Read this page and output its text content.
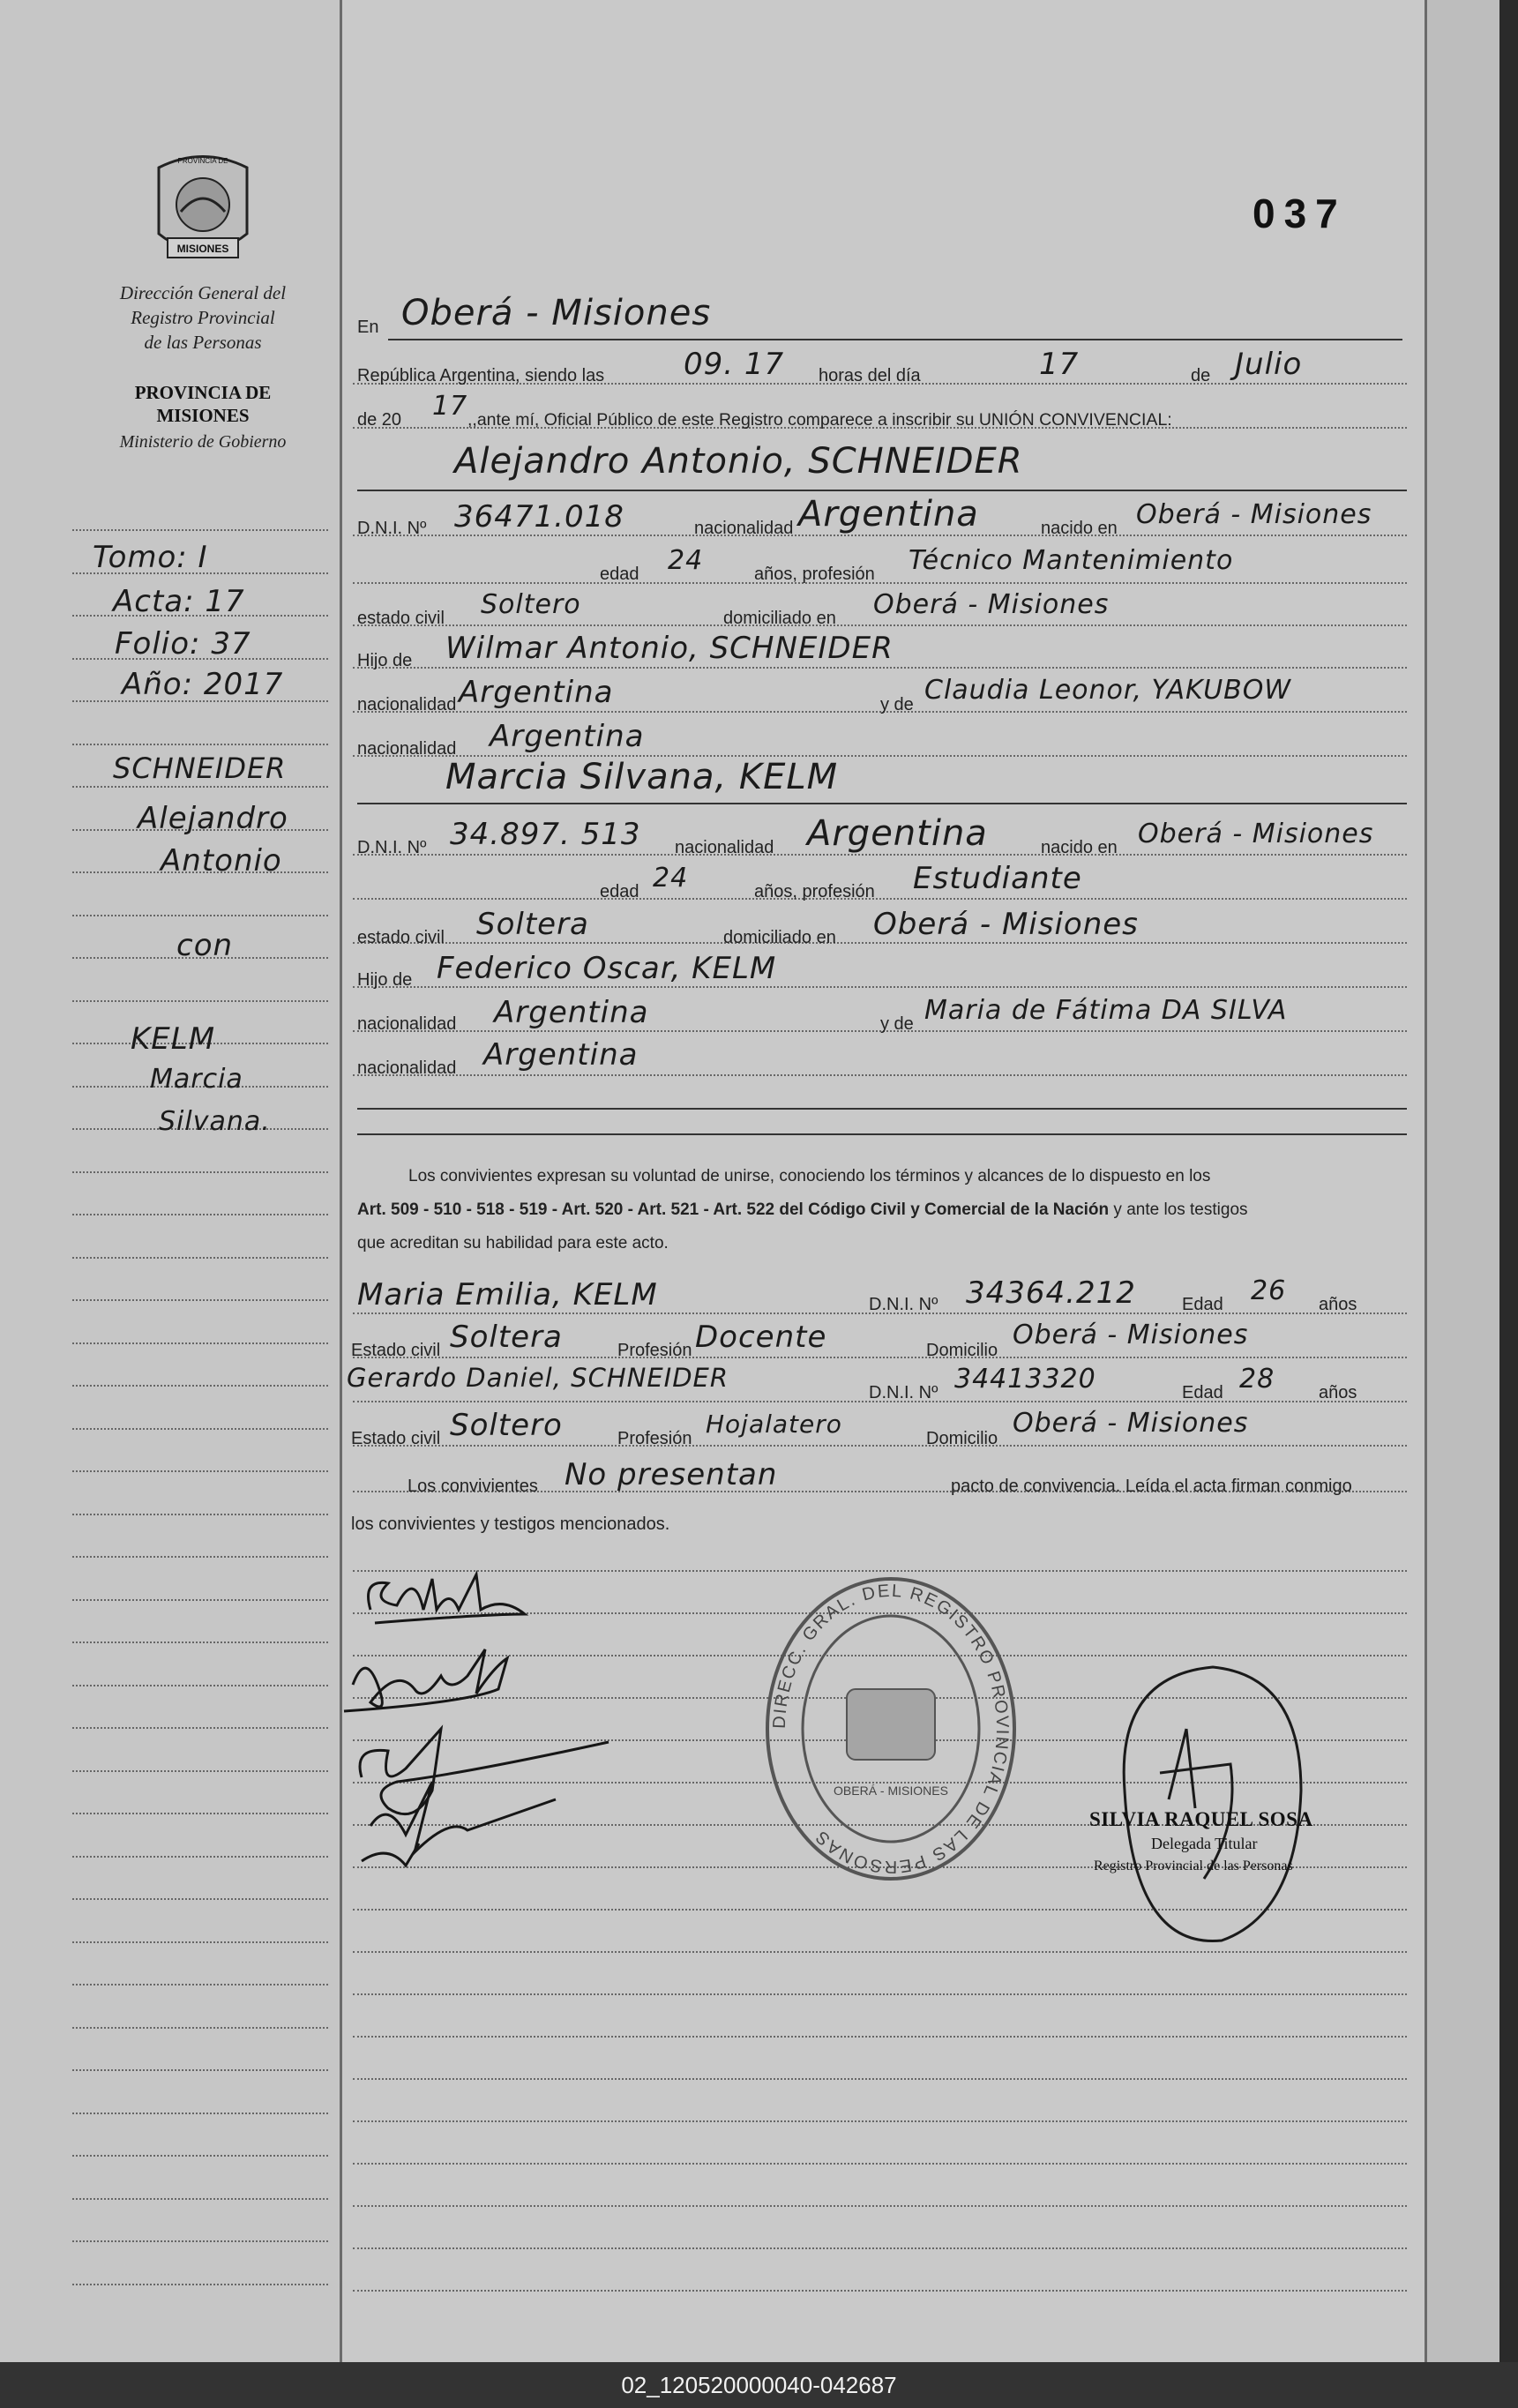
MISIONES
PROVINCIA DE
Dirección General del
Registro Provincial
de las Personas
PROVINCIA DE
MISIONES
Ministerio de Gobierno
Tomo: I
Acta: 17
Folio: 37
Año: 2017
SCHNEIDER
Alejandro
Antonio
con
KELM
Marcia
Silvana.
037
En Oberá - Misiones
República Argentina, siendo las	09. 17 horas del día	17	de Julio
de 20 17 ,,ante mí, Oficial Público de este Registro comparece a inscribir su UNIÓN CONVIVENCIAL:
Alejandro Antonio, SCHNEIDER
D.N.I. Nº 36471.018	nacionalidad Argentina	nacido en Oberá - Misiones
edad 24	años, profesión Técnico Mantenimiento
estado civil Soltero	domiciliado en Oberá - Misiones
Hijo de Wilmar Antonio, SCHNEIDER
nacionalidad Argentina	y de Claudia Leonor, YAKUBOW
nacionalidad Argentina
Marcia Silvana, KELM
D.N.I. Nº 34.897. 513 nacionalidad Argentina	nacido en Oberá - Misiones
edad 24	años, profesión Estudiante
estado civil Soltera	domiciliado en Oberá - Misiones
Hijo de Federico Oscar, KELM
nacionalidad Argentina	y de Maria de Fátima DA SILVA
nacionalidad Argentina
Los convivientes expresan su voluntad de unirse, conociendo los términos y alcances de lo dispuesto en los
Art. 509 - 510 - 518 - 519 - Art. 520 - Art. 521 - Art. 522 del Código Civil y Comercial de la Nación y ante los testigos
que acreditan su habilidad para este acto.
Maria Emilia, KELM	D.N.I. Nº 34364.212	Edad 26 años
Estado civil Soltera	Profesión Docente	Domicilio Oberá - Misiones
Gerardo Daniel, SCHNEIDER	D.N.I. Nº 34413320	Edad 28 años
Estado civil Soltero	Profesión Hojalatero	Domicilio Oberá - Misiones
Los convivientes No presentan	pacto de convivencia. Leída el acta firman conmigo
los convivientes y testigos mencionados.
DIRECC. GRAL. DEL REGISTRO PROVINCIAL DE LAS PERSONAS
OBERÁ - MISIONES
SILVIA RAQUEL SOSA
Delegada Titular
Registro Provincial de las Personas
02_120520000040-042687
